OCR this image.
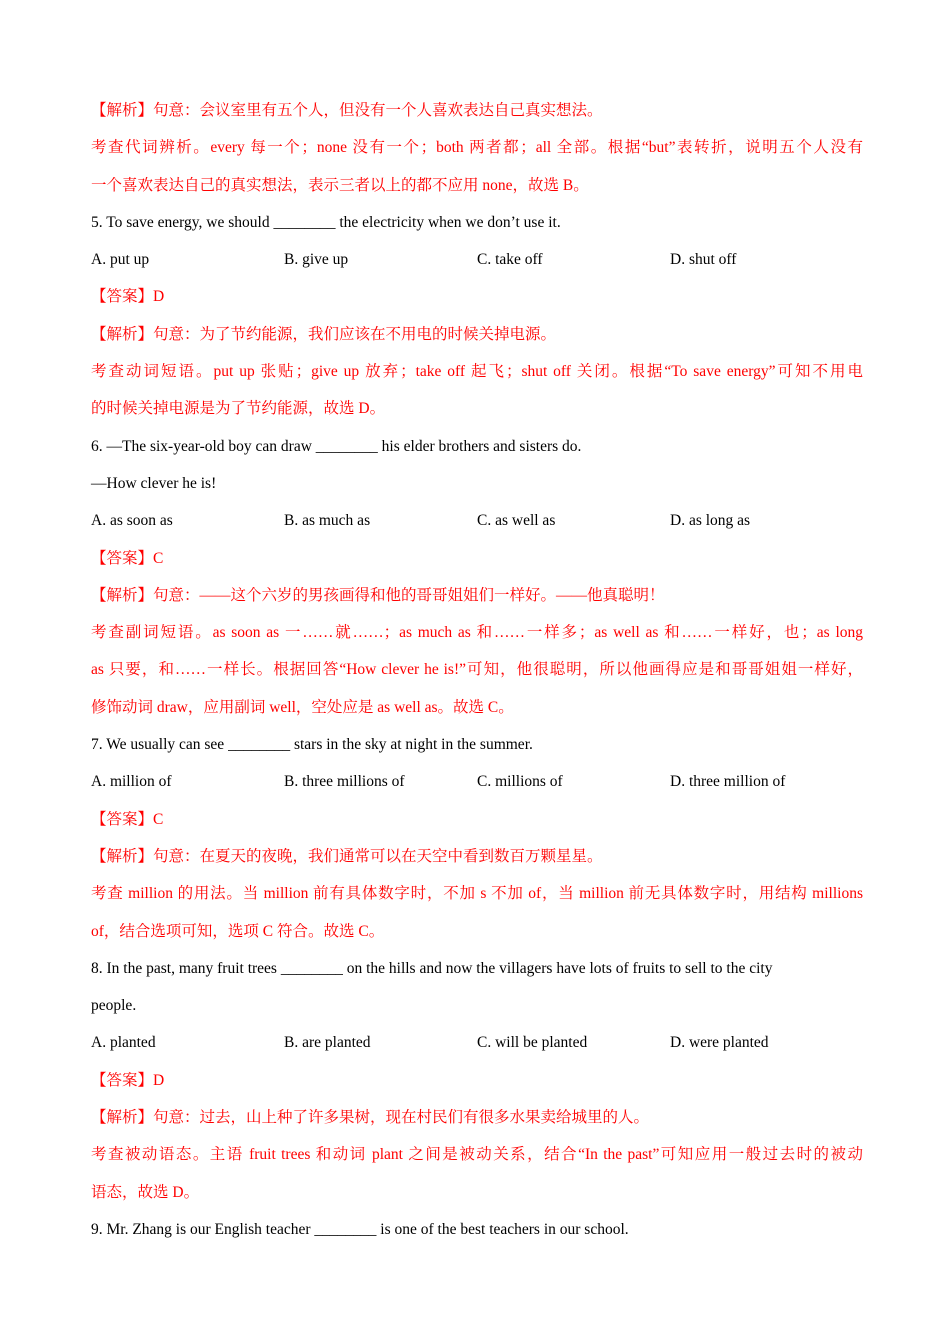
【解析】句意：会议室里有五个人，但没有一个人喜欢表达自己真实想法。
考查代词辨析。every 每一个；none 没有一个；both 两者都；all 全部。根据“but”表转折，说明五个人没有
一个喜欢表达自己的真实想法，表示三者以上的都不应用 none，故选 B。
5. To save energy, we should ________ the electricity when we don’t use it.
A. put up	B. give up	C. take off	D. shut off
【答案】D
【解析】句意：为了节约能源，我们应该在不用电的时候关掉电源。
考查动词短语。put up 张贴；give up 放弃；take off 起飞；shut off 关闭。根据“To save energy”可知不用电
的时候关掉电源是为了节约能源，故选 D。
6. —The six-year-old boy can draw ________ his elder brothers and sisters do.
—How clever he is!
A. as soon as	B. as much as	C. as well as	D. as long as
【答案】C
【解析】句意：——这个六岁的男孩画得和他的哥哥姐姐们一样好。——他真聪明！
考查副词短语。as soon as 一……就……；as much as 和……一样多；as well as 和……一样好，也；as long
as 只要，和……一样长。根据回答“How clever he is!”可知，他很聪明，所以他画得应是和哥哥姐姐一样好，
修饰动词 draw，应用副词 well，空处应是 as well as。故选 C。
7. We usually can see ________ stars in the sky at night in the summer.
A. million of	B. three millions of	C. millions of	D. three million of
【答案】C
【解析】句意：在夏天的夜晚，我们通常可以在天空中看到数百万颗星星。
考查 million 的用法。当 million 前有具体数字时，不加 s 不加 of，当 million 前无具体数字时，用结构 millions
of，结合选项可知，选项 C 符合。故选 C。
8. In the past, many fruit trees ________ on the hills and now the villagers have lots of fruits to sell to the city
people.
A. planted	B. are planted	C. will be planted	D. were planted
【答案】D
【解析】句意：过去，山上种了许多果树，现在村民们有很多水果卖给城里的人。
考查被动语态。主语 fruit trees 和动词 plant 之间是被动关系，结合“In the past”可知应用一般过去时的被动
语态，故选 D。
9. Mr. Zhang is our English teacher ________ is one of the best teachers in our school.
